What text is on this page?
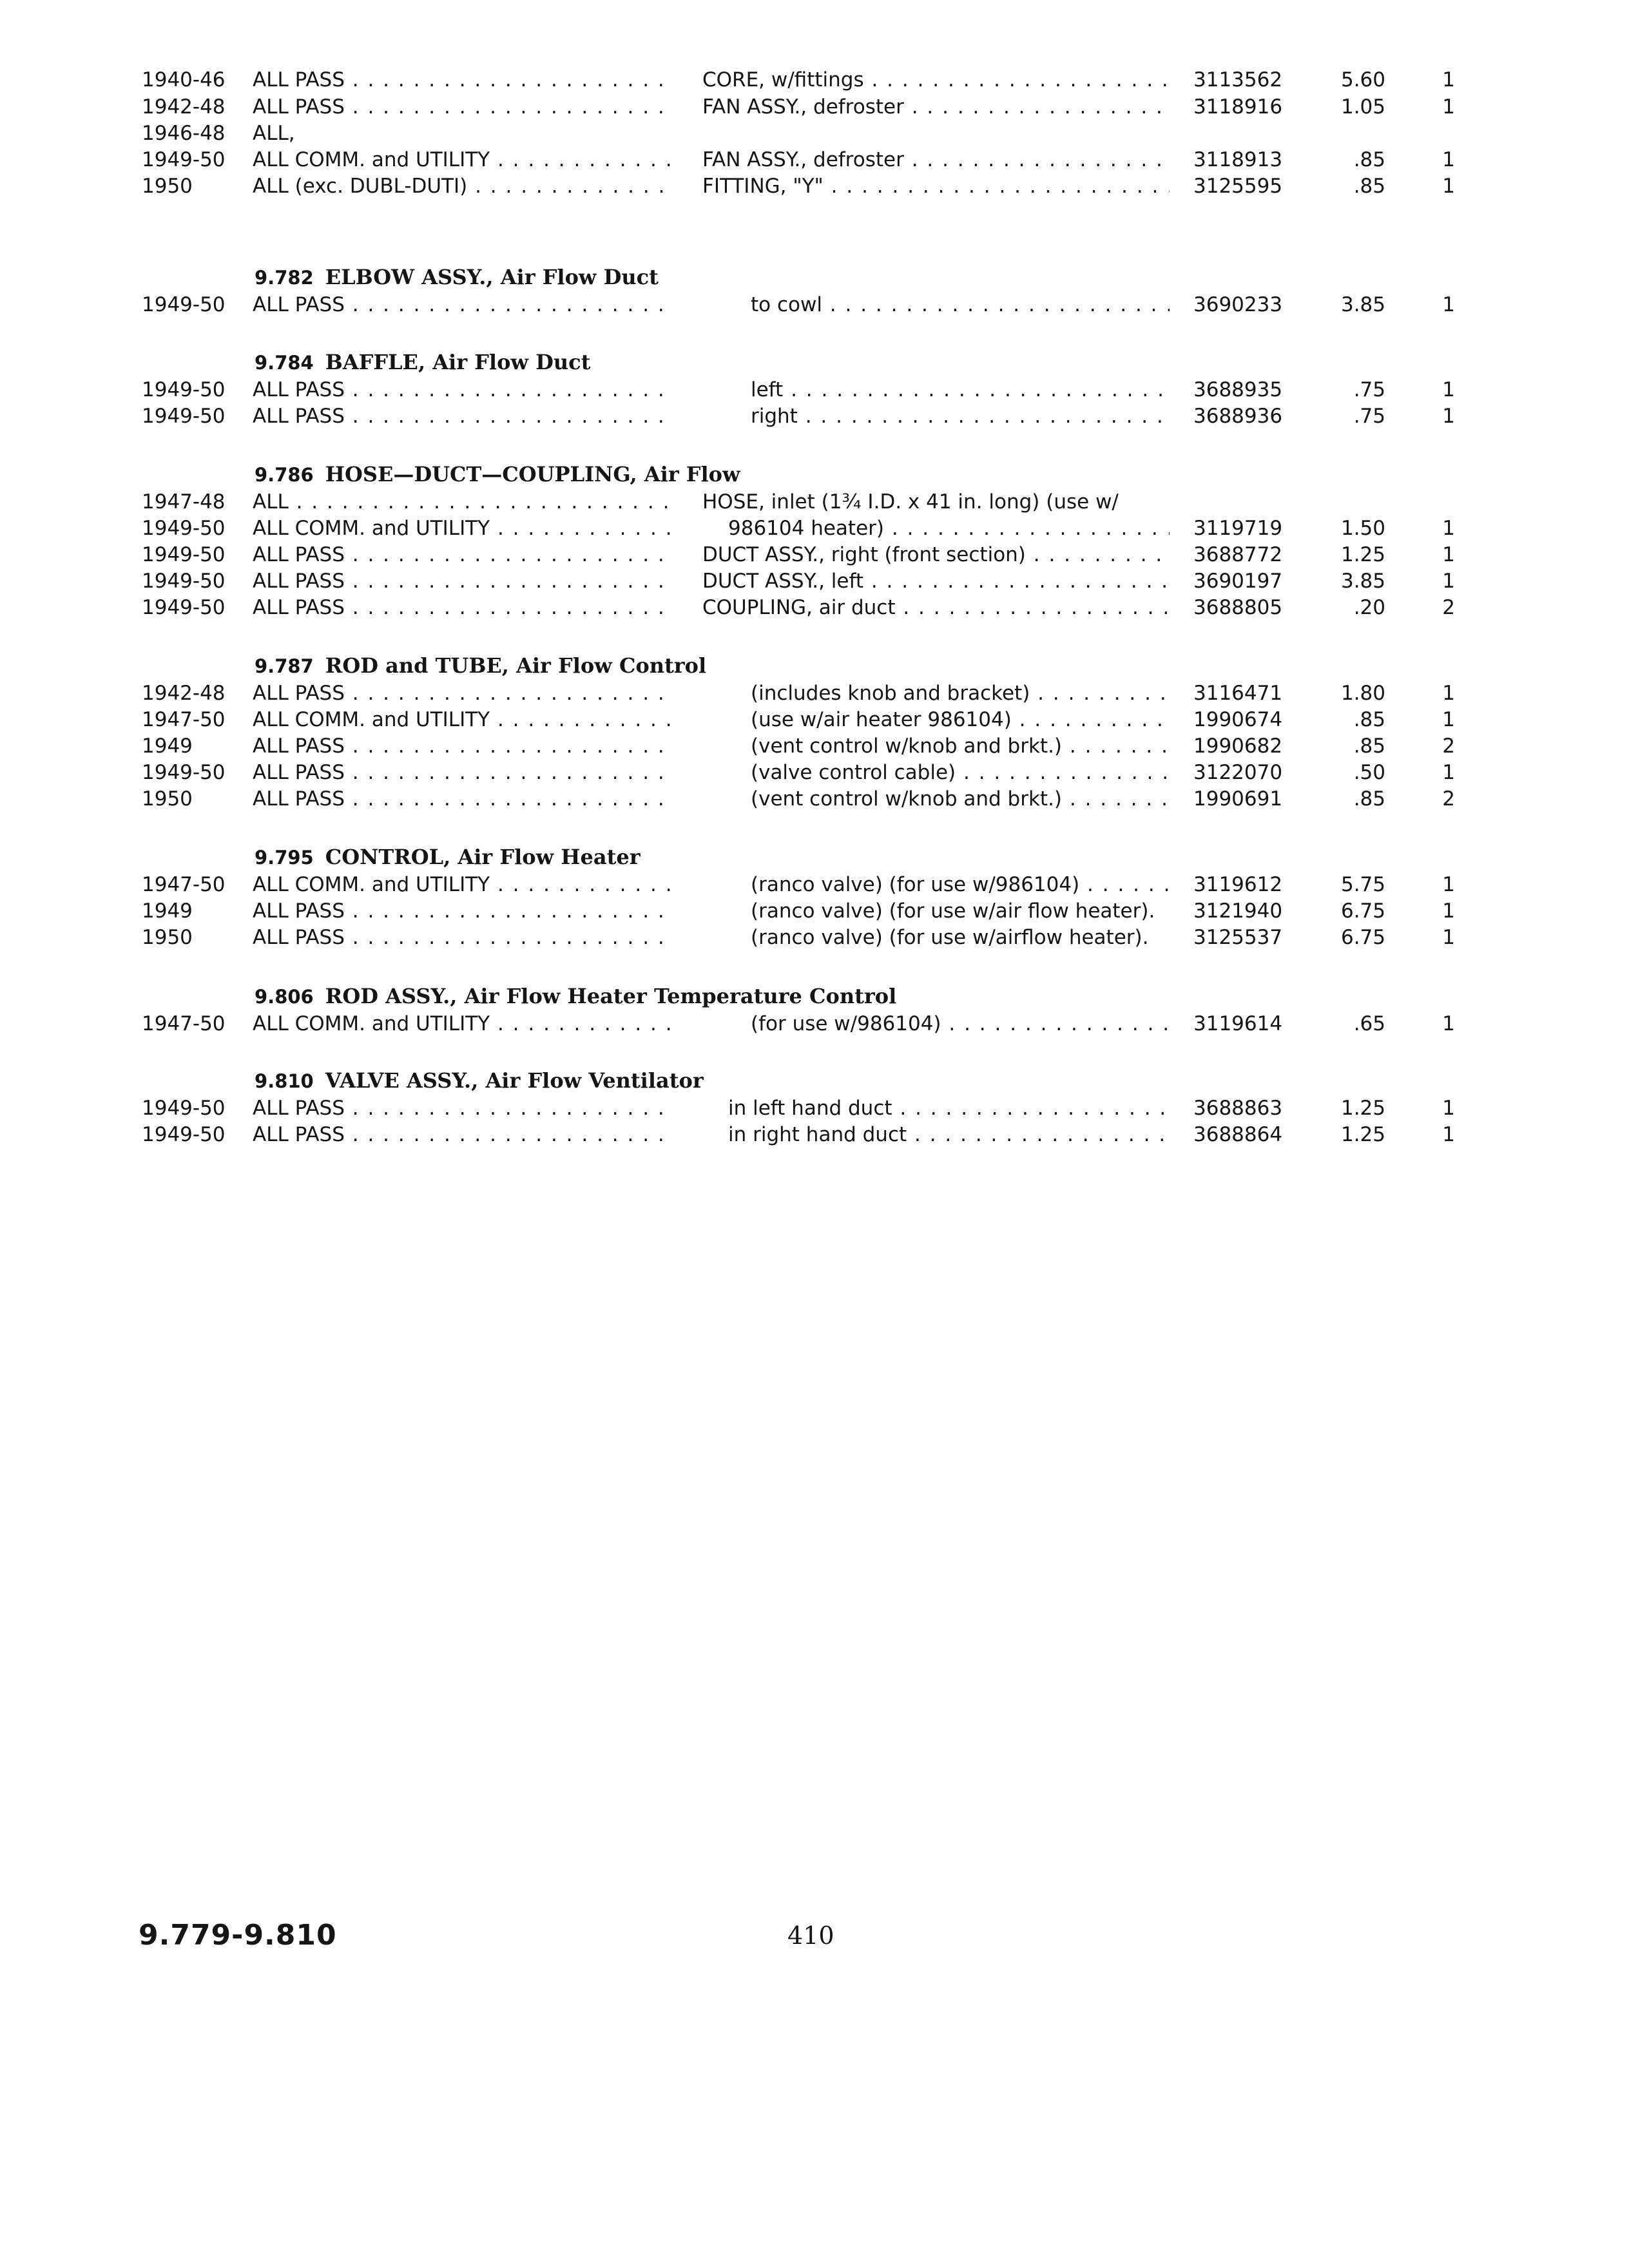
1940-46 ALL PASS . . .	CORE, w/fittings . . .	3113562	5.60	1
1942-48 ALL PASS . . .	FAN ASSY., defroster . . .	3118916	1.05	1
1946-48 ALL,
1949-50 ALL COMM. and UTILITY . . .	FAN ASSY., defroster . . .	3118913	.85	1
1950	ALL (exc. DUBL-DUTI) . . .	FITTING, "Y" . . .	3125595	.85	1
9.782 ELBOW ASSY., Air Flow Duct
1949-50 ALL PASS . . .	to cowl . . .	3690233	3.85	1
9.784 BAFFLE, Air Flow Duct
1949-50 ALL PASS . . .	left . . .	3688935	.75	1
1949-50 ALL PASS . . .	right . . .	3688936	.75	1
9.786 HOSE—DUCT—COUPLING, Air Flow
1947-48 ALL . . .	HOSE, inlet (1¾ I.D. x 41 in. long) (use w/
1949-50 ALL COMM. and UTILITY . . .	986104 heater) . . .	3119719	1.50	1
1949-50 ALL PASS . . .	DUCT ASSY., right (front section) . . .	3688772	1.25	1
1949-50 ALL PASS . . .	DUCT ASSY., left . . .	3690197	3.85	1
1949-50 ALL PASS . . .	COUPLING, air duct . . .	3688805	.20	2
9.787 ROD and TUBE, Air Flow Control
1942-48 ALL PASS . . .	(includes knob and bracket) . . .	3116471	1.80	1
1947-50 ALL COMM. and UTILITY . . .	(use w/air heater 986104) . . .	1990674	.85	1
1949	ALL PASS . . .	(vent control w/knob and brkt.) . . .	1990682	.85	2
1949-50 ALL PASS . . .	(valve control cable) . . .	3122070	.50	1
1950	ALL PASS . . .	(vent control w/knob and brkt.) . . .	1990691	.85	2
9.795 CONTROL, Air Flow Heater
1947-50 ALL COMM. and UTILITY . . .	(ranco valve) (for use w/986104) . . .	3119612	5.75	1
1949	ALL PASS . . .	(ranco valve) (for use w/air flow heater).	3121940	6.75	1
1950	ALL PASS . . .	(ranco valve) (for use w/airflow heater).	3125537	6.75	1
9.806 ROD ASSY., Air Flow Heater Temperature Control
1947-50 ALL COMM. and UTILITY . . .	(for use w/986104) . . .	3119614	.65	1
9.810 VALVE ASSY., Air Flow Ventilator
1949-50 ALL PASS . . .	in left hand duct . . .	3688863	1.25	1
1949-50 ALL PASS . . .	in right hand duct . . .	3688864	1.25	1
9.779-9.810	410
